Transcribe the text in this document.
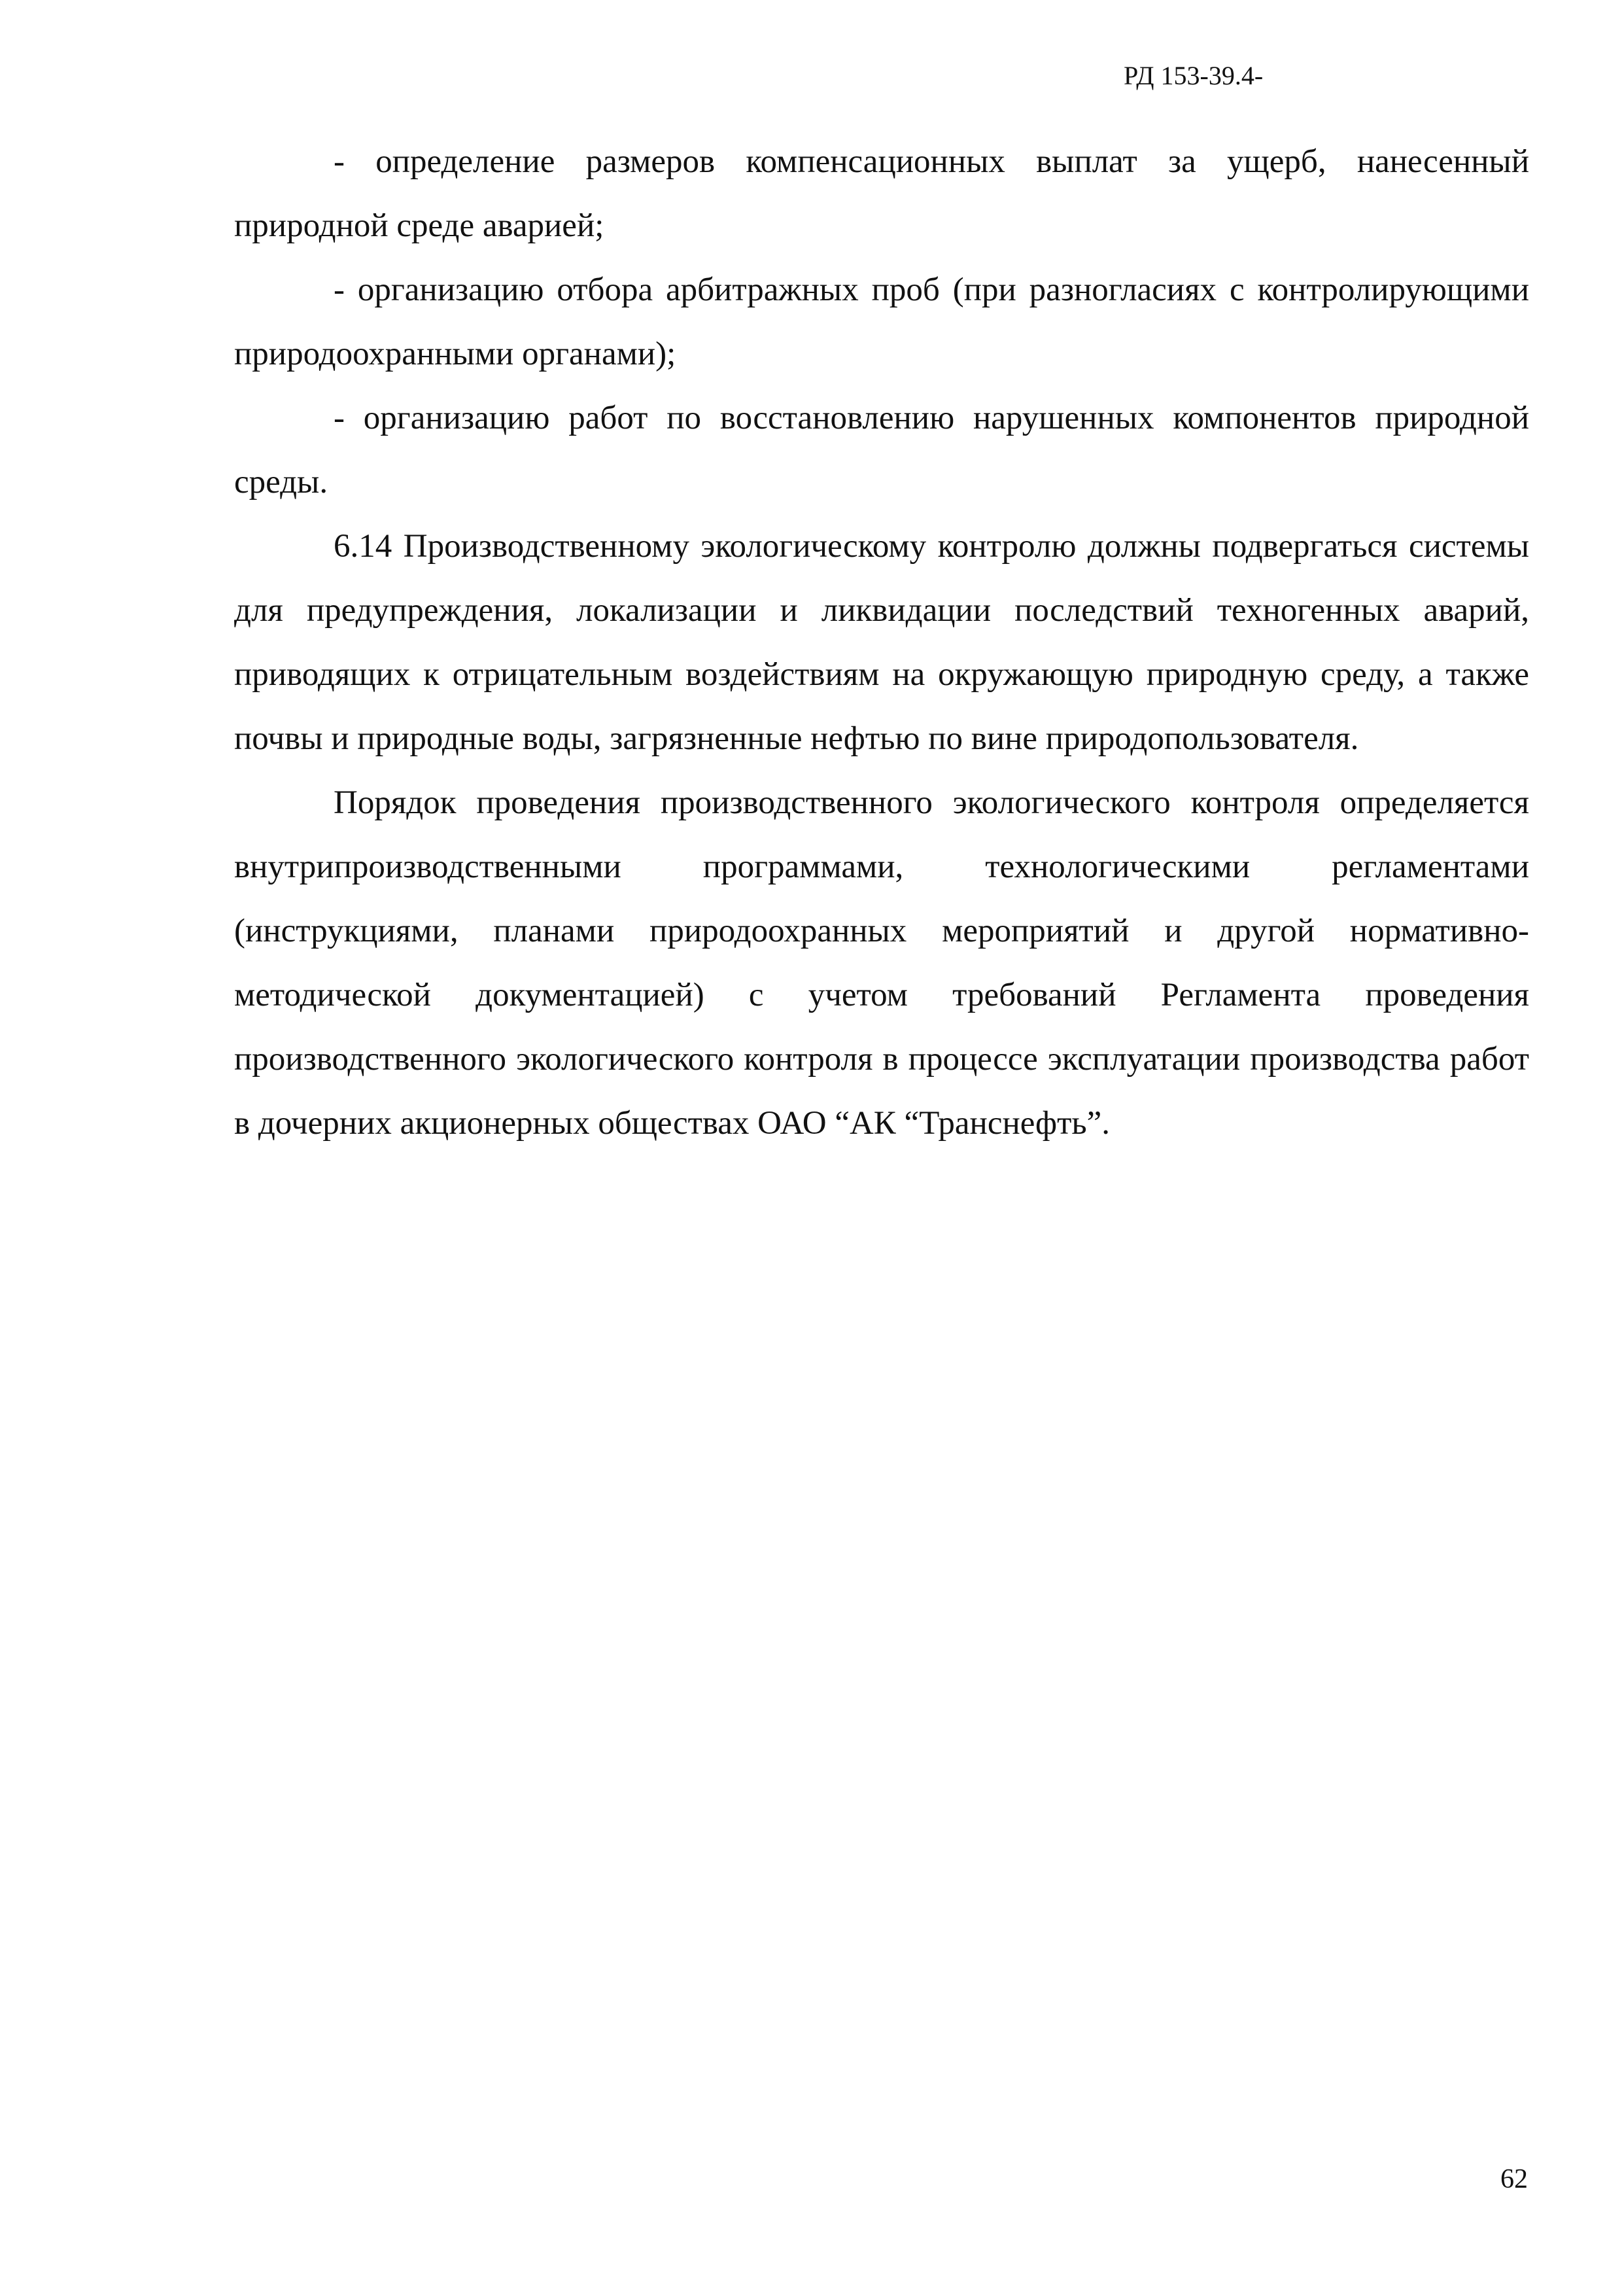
РД 153-39.4-

- определение размеров компенсационных выплат за ущерб, нанесенный природной среде аварией;

- организацию отбора арбитражных проб (при разногласиях с контролирующими природоохранными органами);

- организацию работ по восстановлению нарушенных компонентов природной среды.

6.14 Производственному экологическому контролю должны подвергаться системы для предупреждения, локализации и ликвидации последствий техногенных аварий, приводящих к отрицательным воздействиям на окружающую природную среду, а также почвы и природные воды, загрязненные нефтью по вине природопользователя.

Порядок проведения производственного экологического контроля определяется внутрипроизводственными программами, технологическими регламентами (инструкциями, планами природоохранных мероприятий и другой нормативно-методической документацией) с учетом требований Регламента проведения производственного экологического контроля в процессе эксплуатации производства работ в дочерних акционерных обществах ОАО “АК “Транснефть”.

62
